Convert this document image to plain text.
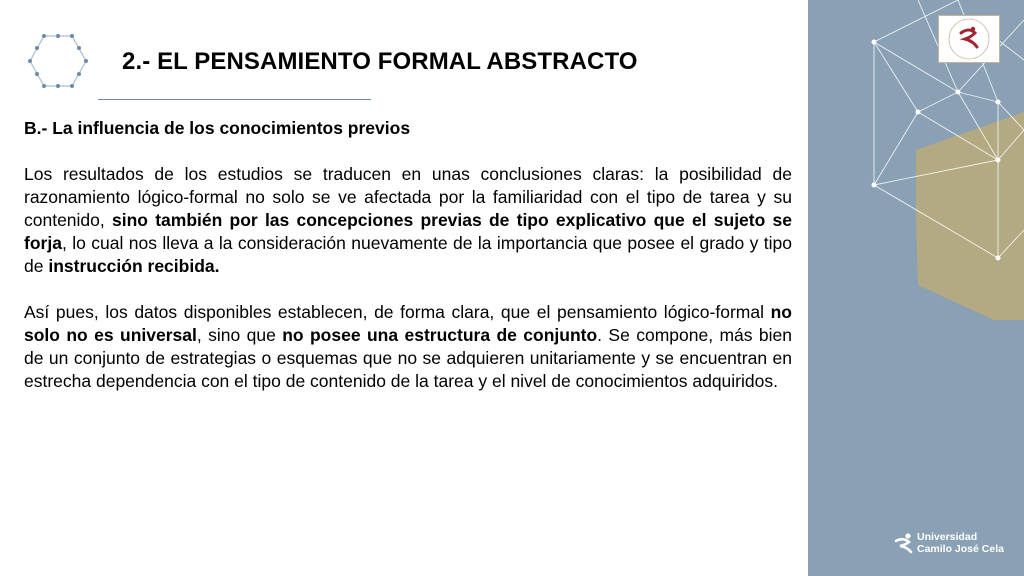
2.- EL PENSAMIENTO FORMAL ABSTRACTO

B.- La influencia de los conocimientos previos

Los resultados de los estudios se traducen en unas conclusiones claras: la posibilidad de razonamiento lógico-formal no solo se ve afectada por la familiaridad con el tipo de tarea y su contenido, sino también por las concepciones previas de tipo explicativo que el sujeto se forja, lo cual nos lleva a la consideración nuevamente de la importancia que posee el grado y tipo de instrucción recibida.

Así pues, los datos disponibles establecen, de forma clara, que el pensamiento lógico-formal no solo no es universal, sino que no posee una estructura de conjunto. Se compone, más bien de un conjunto de estrategias o esquemas que no se adquieren unitariamente y se encuentran en estrecha dependencia con el tipo de contenido de la tarea y el nivel de conocimientos adquiridos.

Universidad
Camilo José Cela
